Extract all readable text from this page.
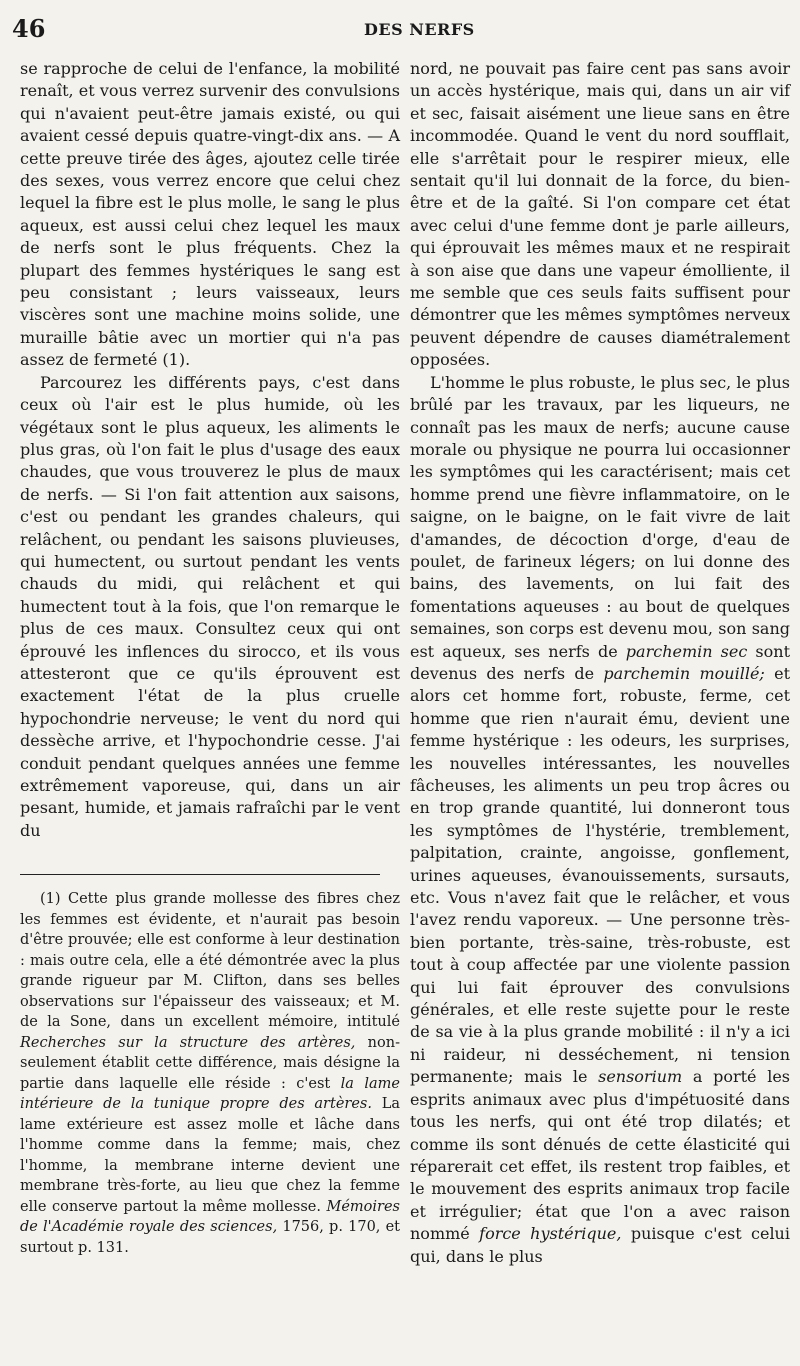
46	DES NERFS

se rapproche de celui de l'enfance, la mobilité renaît, et vous verrez survenir des convulsions qui n'avaient peut-être jamais existé, ou qui avaient cessé depuis quatre-vingt-dix ans. — A cette preuve tirée des âges, ajoutez celle tirée des sexes, vous verrez encore que celui chez lequel la fibre est le plus molle, le sang le plus aqueux, est aussi celui chez lequel les maux de nerfs sont le plus fréquents. Chez la plupart des femmes hystériques le sang est peu consistant ; leurs vaisseaux, leurs viscères sont une machine moins solide, une muraille bâtie avec un mortier qui n'a pas assez de fermeté (1).

Parcourez les différents pays, c'est dans ceux où l'air est le plus humide, où les végétaux sont le plus aqueux, les aliments le plus gras, où l'on fait le plus d'usage des eaux chaudes, que vous trouverez le plus de maux de nerfs. — Si l'on fait attention aux saisons, c'est ou pendant les grandes chaleurs, qui relâchent, ou pendant les saisons pluvieuses, qui humectent, ou surtout pendant les vents chauds du midi, qui relâchent et qui humectent tout à la fois, que l'on remarque le plus de ces maux. Consultez ceux qui ont éprouvé les inflences du sirocco, et ils vous attesteront que ce qu'ils éprouvent est exactement l'état de la plus cruelle hypochondrie nerveuse; le vent du nord qui dessèche arrive, et l'hypochondrie cesse. J'ai conduit pendant quelques années une femme extrêmement vaporeuse, qui, dans un air pesant, humide, et jamais rafraîchi par le vent du

(1) Cette plus grande mollesse des fibres chez les femmes est évidente, et n'aurait pas besoin d'être prouvée; elle est conforme à leur destination : mais outre cela, elle a été démontrée avec la plus grande rigueur par M. Clifton, dans ses belles observations sur l'épaisseur des vaisseaux; et M. de la Sone, dans un excellent mémoire, intitulé Recherches sur la structure des artères, non-seulement établit cette différence, mais désigne la partie dans laquelle elle réside : c'est la lame intérieure de la tunique propre des artères. La lame extérieure est assez molle et lâche dans l'homme comme dans la femme; mais, chez l'homme, la membrane interne devient une membrane très-forte, au lieu que chez la femme elle conserve partout la même mollesse. Mémoires de l'Académie royale des sciences, 1756, p. 170, et surtout p. 131.

nord, ne pouvait pas faire cent pas sans avoir un accès hystérique, mais qui, dans un air vif et sec, faisait aisément une lieue sans en être incommodée. Quand le vent du nord soufflait, elle s'arrêtait pour le respirer mieux, elle sentait qu'il lui donnait de la force, du bien-être et de la gaîté. Si l'on compare cet état avec celui d'une femme dont je parle ailleurs, qui éprouvait les mêmes maux et ne respirait à son aise que dans une vapeur émolliente, il me semble que ces seuls faits suffisent pour démontrer que les mêmes symptômes nerveux peuvent dépendre de causes diamétralement opposées.

L'homme le plus robuste, le plus sec, le plus brûlé par les travaux, par les liqueurs, ne connaît pas les maux de nerfs; aucune cause morale ou physique ne pourra lui occasionner les symptômes qui les caractérisent; mais cet homme prend une fièvre inflammatoire, on le saigne, on le baigne, on le fait vivre de lait d'amandes, de décoction d'orge, d'eau de poulet, de farineux légers; on lui donne des bains, des lavements, on lui fait des fomentations aqueuses : au bout de quelques semaines, son corps est devenu mou, son sang est aqueux, ses nerfs de parchemin sec sont devenus des nerfs de parchemin mouillé; et alors cet homme fort, robuste, ferme, cet homme que rien n'aurait ému, devient une femme hystérique : les odeurs, les surprises, les nouvelles intéressantes, les nouvelles fâcheuses, les aliments un peu trop âcres ou en trop grande quantité, lui donneront tous les symptômes de l'hystérie, tremblement, palpitation, crainte, angoisse, gonflement, urines aqueuses, évanouissements, sursauts, etc. Vous n'avez fait que le relâcher, et vous l'avez rendu vaporeux. — Une personne très-bien portante, très-saine, très-robuste, est tout à coup affectée par une violente passion qui lui fait éprouver des convulsions générales, et elle reste sujette pour le reste de sa vie à la plus grande mobilité : il n'y a ici ni raideur, ni desséchement, ni tension permanente; mais le sensorium a porté les esprits animaux avec plus d'impétuosité dans tous les nerfs, qui ont été trop dilatés; et comme ils sont dénués de cette élasticité qui réparerait cet effet, ils restent trop faibles, et le mouvement des esprits animaux trop facile et irrégulier; état que l'on a avec raison nommé force hystérique, puisque c'est celui qui, dans le plus
